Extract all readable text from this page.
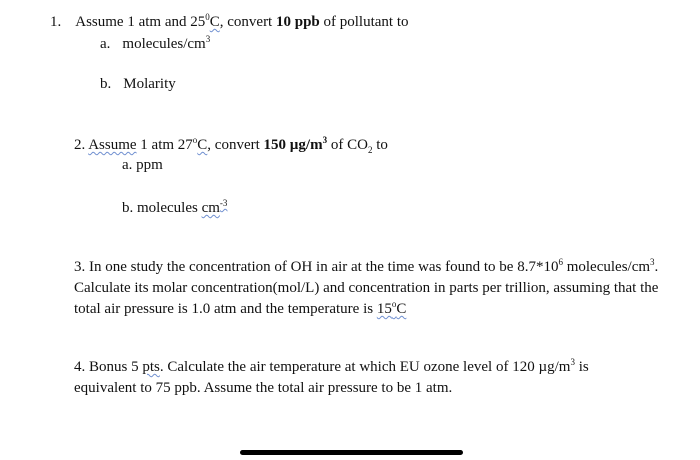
1. Assume 1 atm and $25^0C$, convert 10 ppb of pollutant to
a. molecules/$cm^3$
b. Molarity
2. Assume 1 atm 27$^o$C, convert 150 $\mu g/m^3$ of $CO_2$ to
a. ppm
b. molecules $cm^{-3}$
3. In one study the concentration of OH in air at the time was found to be $8.7*10^6$ molecules/$cm^3$.
Calculate its molar concentration(mol/L) and concentration in parts per trillion, assuming that the
total air pressure is 1.0 atm and the temperature is 15$^o$C
4. Bonus 5 pts. Calculate the air temperature at which EU ozone level of 120 $\mu g/m^3$ is
equivalent to 75 ppb. Assume the total air pressure to be 1 atm.
